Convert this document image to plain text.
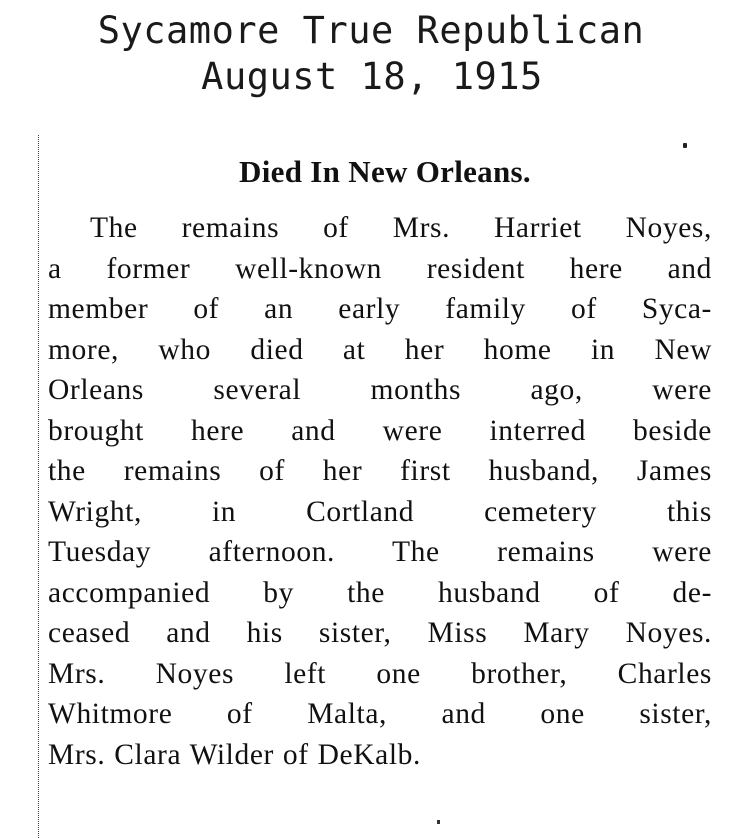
Sycamore True Republican
August 18, 1915
Died In New Orleans.
The remains of Mrs. Harriet Noyes,
a former well-known resident here and
member of an early family of Syca-
more, who died at her home in New
Orleans several months ago, were
brought here and were interred beside
the remains of her first husband, James
Wright, in Cortland cemetery this
Tuesday afternoon. The remains were
accompanied by the husband of de-
ceased and his sister, Miss Mary Noyes.
Mrs. Noyes left one brother, Charles
Whitmore of Malta, and one sister,
Mrs. Clara Wilder of DeKalb.
